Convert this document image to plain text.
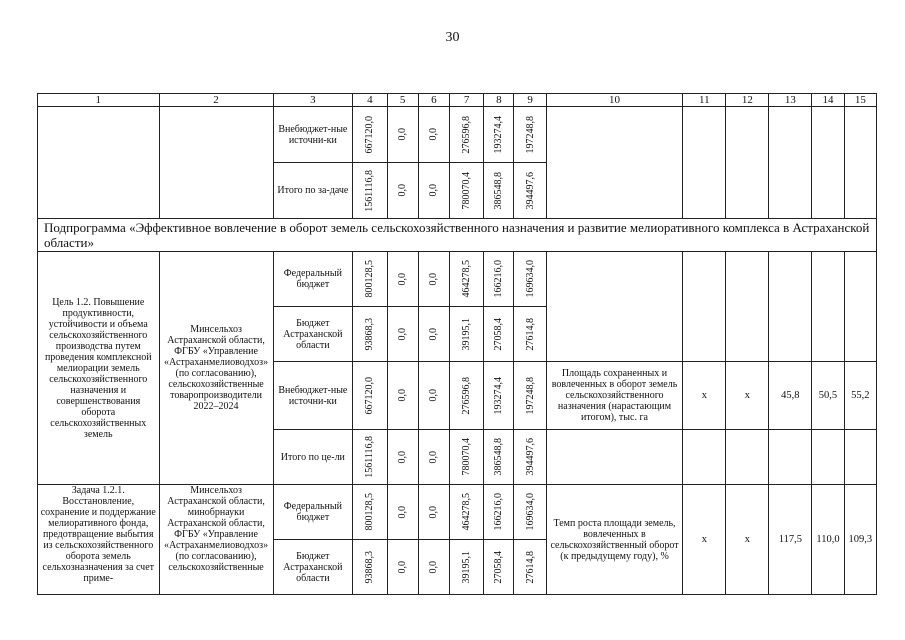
30
1	2	3	4	5	6	7	8	9	10	11	12	13	14	15
		Внебюджет-ные источни-ки	667120,0	0,0	0,0	276596,8	193274,4	197248,8						

		Итого по за-даче	1561116,8	0,0	0,0	780070,4	386548,8	394497,6						

Подпрограмма «Эффективное вовлечение в оборот земель сельскохозяйственного назначения и развитие мелиоративного комплекса в Астраханской области»														
Цель 1.2. Повышение продуктивности, устойчивости и объема сельскохозяйственного производства путем проведения комплексной мелиорации земель сельскохозяйственного назначения и совершенствования оборота сельскохозяйственных земель	Минсельхоз Астраханской области, ФГБУ «Управление «Астраханмелиоводхоз» (по согласованию), сельскохозяйственные товаропроизводители 2022–2024	Федеральный бюджет	800128,5	0,0	0,0	464278,5	166216,0	169634,0						

		Бюджет Астраханской области	93868,3	0,0	0,0	39195,1	27058,4	27614,8						

		Внебюджет-ные источни-ки	667120,0	0,0	0,0	276596,8	193274,4	197248,8	Площадь сохраненных и вовлеченных в оборот земель сельскохозяйственного назначения (нарастающим итогом), тыс. га	x	x	45,8	50,5	55,2
		Итого по це-ли	1561116,8	0,0	0,0	780070,4	386548,8	394497,6						

Задача 1.2.1. Восстановление, сохранение и поддержание мелиоративного фонда, предотвращение выбытия из сельскохозяйственного оборота земель сельхозназначения за счет приме-	Минсельхоз Астраханской области, минобрнауки Астраханской области, ФГБУ «Управление «Астраханмелиоводхоз» (по согласованию), сельскохозяйственные	Федеральный бюджет	800128,5	0,0	0,0	464278,5	166216,0	169634,0	Темп роста площади земель, вовлеченных в сельскохозяйственный оборот (к предыдущему году), %	x	x	117,5	110,0	109,3
		Бюджет Астраханской области	93868,3	0,0	0,0	39195,1	27058,4	27614,8						
